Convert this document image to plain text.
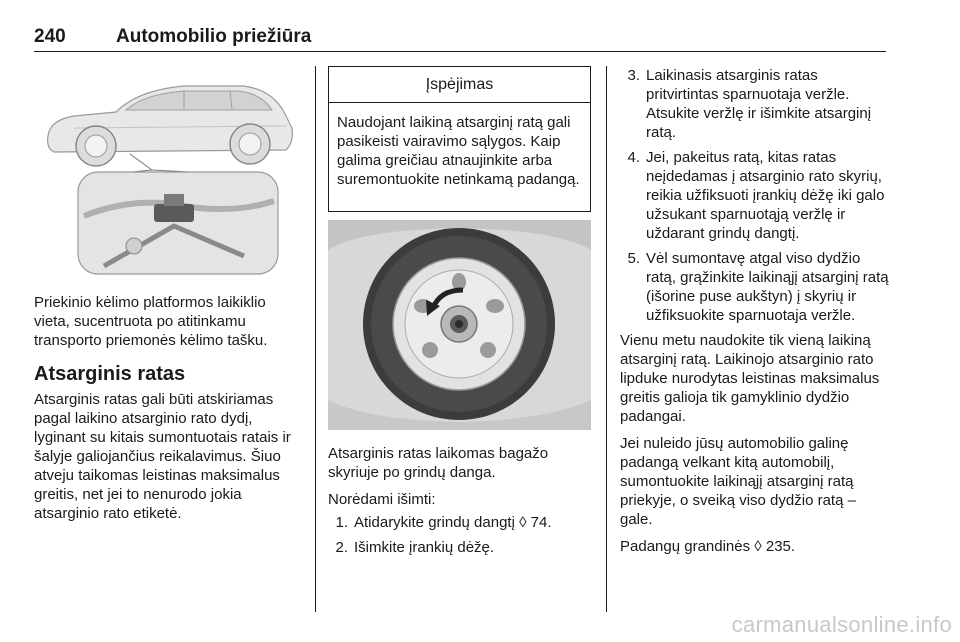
240	Automobilio priežiūra

Priekinio kėlimo platformos laikiklio vieta, sucentruota po atitinkamu transporto priemonės kėlimo tašku.

Atsarginis ratas

Atsarginis ratas gali būti atskiriamas pagal laikino atsarginio rato dydį, lyginant su kitais sumontuotais ratais ir šalyje galiojančius reikalavimus. Šiuo atveju taikomas leistinas maksimalus greitis, net jei to nenurodo jokia atsarginio rato etiketė.

Įspėjimas
Naudojant laikiną atsarginį ratą gali pasikeisti vairavimo sąlygos. Kaip galima greičiau atnaujinkite arba suremontuokite netinkamą padangą.

Atsarginis ratas laikomas bagažo skyriuje po grindų danga.

Norėdami išimti:

1. Atidarykite grindų dangtį ◊ 74.
2. Išimkite įrankių dėžę.
3. Laikinasis atsarginis ratas pritvirtintas sparnuotaja veržle. Atsukite veržlę ir išimkite atsarginį ratą.
4. Jei, pakeitus ratą, kitas ratas neįdedamas į atsarginio rato skyrių, reikia užfiksuoti įrankių dėžę iki galo užsukant sparnuotąją veržlę ir uždarant grindų dangtį.
5. Vėl sumontavę atgal viso dydžio ratą, grąžinkite laikinąjį atsarginį ratą (išorine puse aukštyn) į skyrių ir užfiksuokite sparnuotaja veržle.

Vienu metu naudokite tik vieną laikiną atsarginį ratą. Laikinojo atsarginio rato lipduke nurodytas leistinas maksimalus greitis galioja tik gamyklinio dydžio padangai.

Jei nuleido jūsų automobilio galinę padangą velkant kitą automobilį, sumontuokite laikinąjį atsarginį ratą priekyje, o sveiką viso dydžio ratą – gale.

Padangų grandinės ◊ 235.

carmanualsonline.info
